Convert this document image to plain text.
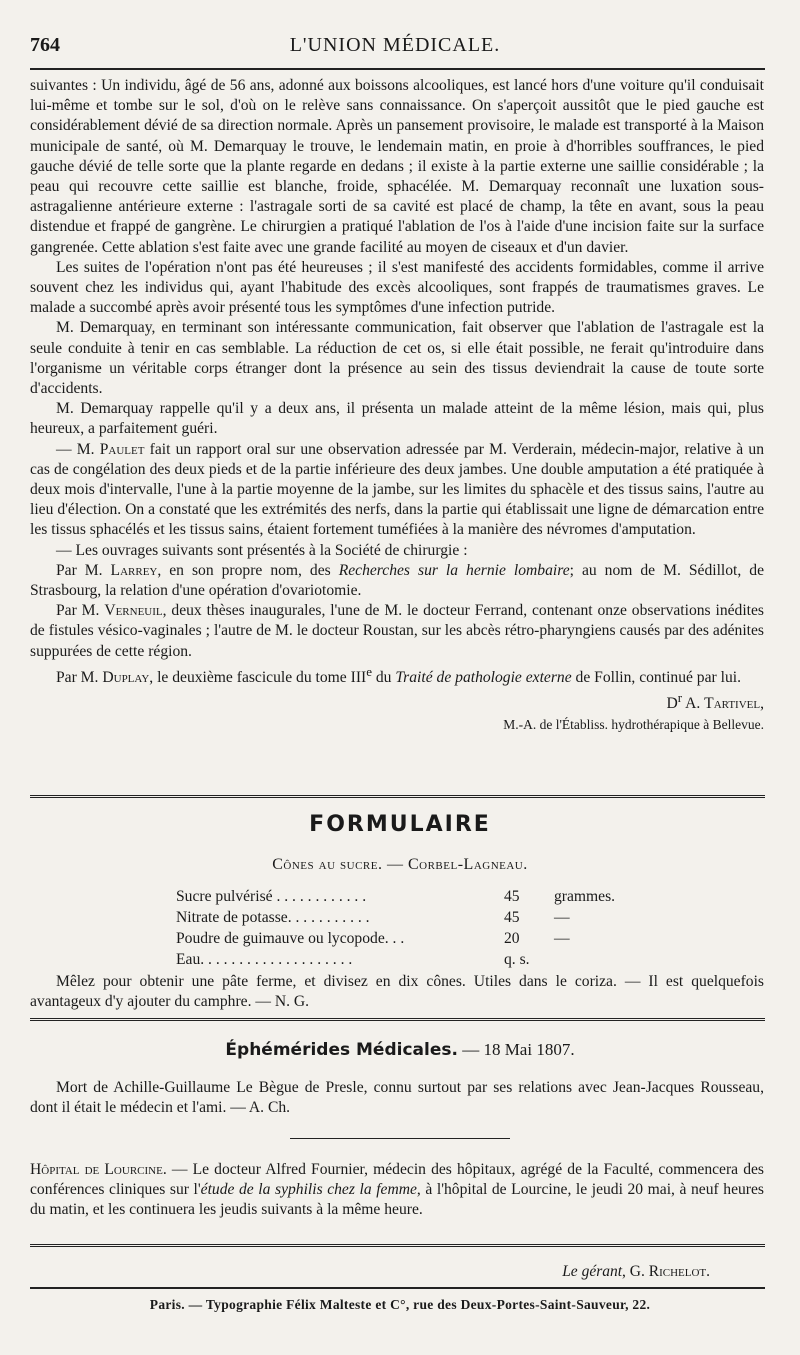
764	L'UNION MÉDICALE.

suivantes : Un individu, âgé de 56 ans, adonné aux boissons alcooliques, est lancé hors d'une voiture qu'il conduisait lui-même et tombe sur le sol, d'où on le relève sans connaissance. On s'aperçoit aussitôt que le pied gauche est considérablement dévié de sa direction normale. Après un pansement provisoire, le malade est transporté à la Maison municipale de santé, où M. Demarquay le trouve, le lendemain matin, en proie à d'horribles souffrances, le pied gauche dévié de telle sorte que la plante regarde en dedans ; il existe à la partie externe une saillie considérable ; la peau qui recouvre cette saillie est blanche, froide, sphacélée. M. Demarquay reconnaît une luxation sous-astragalienne antérieure externe : l'astragale sorti de sa cavité est placé de champ, la tête en avant, sous la peau distendue et frappé de gangrène. Le chirurgien a pratiqué l'ablation de l'os à l'aide d'une incision faite sur la surface gangrenée. Cette ablation s'est faite avec une grande facilité au moyen de ciseaux et d'un davier.

Les suites de l'opération n'ont pas été heureuses ; il s'est manifesté des accidents formidables, comme il arrive souvent chez les individus qui, ayant l'habitude des excès alcooliques, sont frappés de traumatismes graves. Le malade a succombé après avoir présenté tous les symptômes d'une infection putride.

M. Demarquay, en terminant son intéressante communication, fait observer que l'ablation de l'astragale est la seule conduite à tenir en cas semblable. La réduction de cet os, si elle était possible, ne ferait qu'introduire dans l'organisme un véritable corps étranger dont la présence au sein des tissus deviendrait la cause de toute sorte d'accidents.

M. Demarquay rappelle qu'il y a deux ans, il présenta un malade atteint de la même lésion, mais qui, plus heureux, a parfaitement guéri.

— M. Paulet fait un rapport oral sur une observation adressée par M. Verderain, médecin-major, relative à un cas de congélation des deux pieds et de la partie inférieure des deux jambes. Une double amputation a été pratiquée à deux mois d'intervalle, l'une à la partie moyenne de la jambe, sur les limites du sphacèle et des tissus sains, l'autre au lieu d'élection. On a constaté que les extrémités des nerfs, dans la partie qui établissait une ligne de démarcation entre les tissus sphacélés et les tissus sains, étaient fortement tuméfiées à la manière des névromes d'amputation.

— Les ouvrages suivants sont présentés à la Société de chirurgie :

Par M. Larrey, en son propre nom, des Recherches sur la hernie lombaire; au nom de M. Sédillot, de Strasbourg, la relation d'une opération d'ovariotomie.

Par M. Verneuil, deux thèses inaugurales, l'une de M. le docteur Ferrand, contenant onze observations inédites de fistules vésico-vaginales ; l'autre de M. le docteur Roustan, sur les abcès rétro-pharyngiens causés par des adénites suppurées de cette région.

Par M. Duplay, le deuxième fascicule du tome IIIe du Traité de pathologie externe de Follin, continué par lui.

$D^r$ A. Tartivel,

M.-A. de l'Établiss. hydrothérapique à Bellevue.

FORMULAIRE
Cônes au sucre. — Corbel-Lagneau.
Sucre pulvérisé . . . . . . . . . . . .	45	grammes.
Nitrate de potasse. . . . . . . . . . .	45	—
Poudre de guimauve ou lycopode. . .	20	—
Eau. . . . . . . . . . . . . . . . . . . .	q. s.

Mêlez pour obtenir une pâte ferme, et divisez en dix cônes. Utiles dans le coriza. — Il est quelquefois avantageux d'y ajouter du camphre. — N. G.

Éphémérides Médicales. — 18 Mai 1807.

Mort de Achille-Guillaume Le Bègue de Presle, connu surtout par ses relations avec Jean-Jacques Rousseau, dont il était le médecin et l'ami. — A. Ch.

Hôpital de Lourcine. — Le docteur Alfred Fournier, médecin des hôpitaux, agrégé de la Faculté, commencera des conférences cliniques sur l'étude de la syphilis chez la femme, à l'hôpital de Lourcine, le jeudi 20 mai, à neuf heures du matin, et les continuera les jeudis suivants à la même heure.

Le gérant, G. Richelot.
Paris. — Typographie Félix Malteste et C°, rue des Deux-Portes-Saint-Sauveur, 22.
